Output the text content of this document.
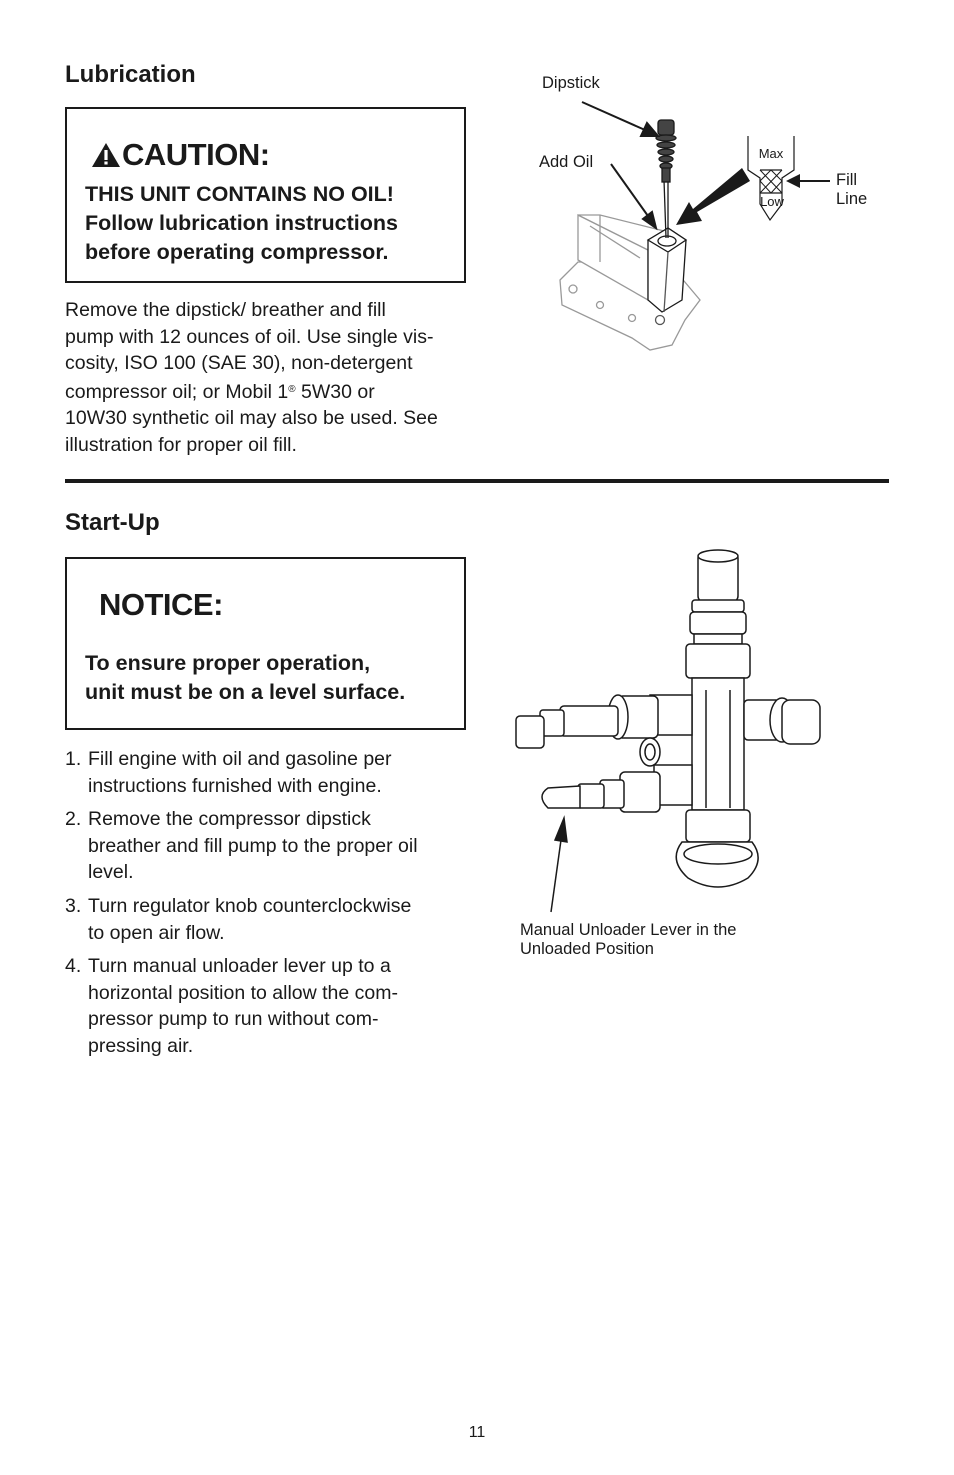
Lubrication
CAUTION:
THIS UNIT CONTAINS NO OIL!
Follow lubrication instructions
before operating compressor.
Remove the dipstick/ breather and fill
pump with 12 ounces of oil. Use single vis-
cosity, ISO 100 (SAE 30), non-detergent
compressor oil; or Mobil 1® 5W30 or
10W30 synthetic oil may also be used. See
illustration for proper oil fill.
Dipstick
Add Oil
Fill
Line
Max
Low
Start-Up
NOTICE:
To ensure proper operation,
unit must be on a level surface.
1. Fill engine with oil and gasoline per
instructions furnished with engine.
2. Remove the compressor dipstick
breather and fill pump to the proper oil
level.
3. Turn regulator knob counterclockwise
to open air flow.
4. Turn manual unloader lever up to a
horizontal position to allow the com-
pressor pump to run without com-
pressing air.
Manual Unloader Lever in the
Unloaded Position
11
